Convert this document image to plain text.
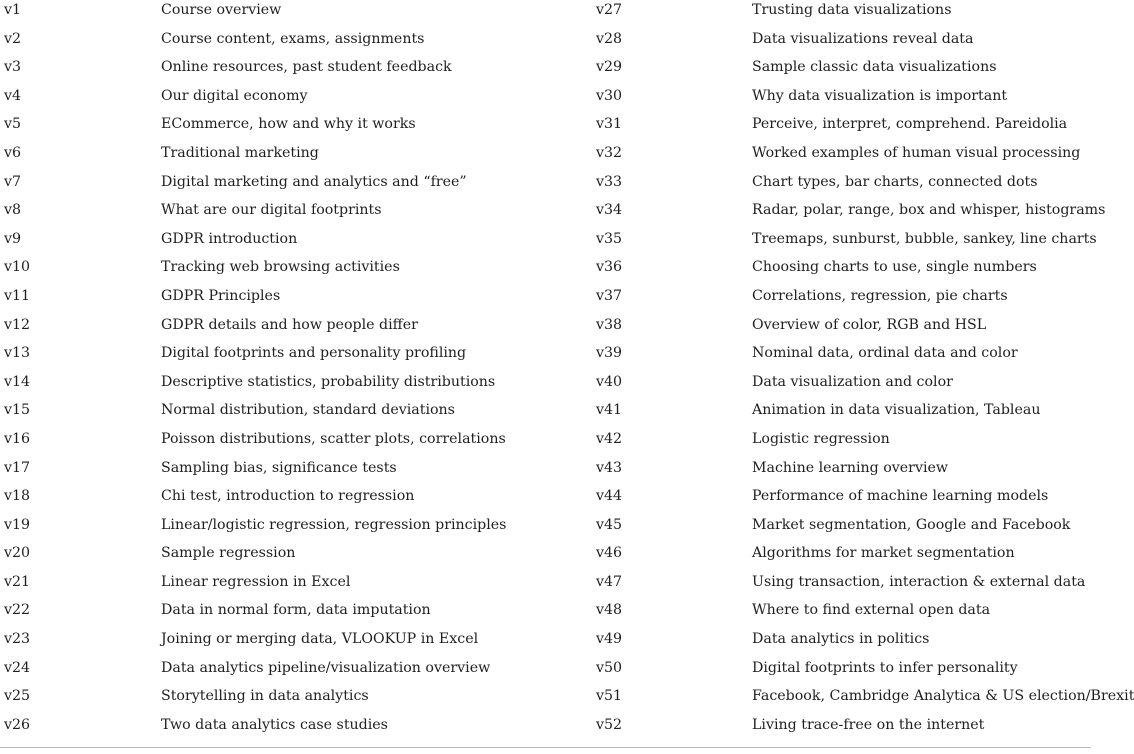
v1	Course overview	v27	Trusting data visualizations
v2	Course content, exams, assignments	v28	Data visualizations reveal data
v3	Online resources, past student feedback	v29	Sample classic data visualizations
v4	Our digital economy	v30	Why data visualization is important
v5	ECommerce, how and why it works	v31	Perceive, interpret, comprehend. Pareidolia
v6	Traditional marketing	v32	Worked examples of human visual processing
v7	Digital marketing and analytics and “free”	v33	Chart types, bar charts, connected dots
v8	What are our digital footprints	v34	Radar, polar, range, box and whisper, histograms
v9	GDPR introduction	v35	Treemaps, sunburst, bubble, sankey, line charts
v10	Tracking web browsing activities	v36	Choosing charts to use, single numbers
v11	GDPR Principles	v37	Correlations, regression, pie charts
v12	GDPR details and how people differ	v38	Overview of color, RGB and HSL
v13	Digital footprints and personality profiling	v39	Nominal data, ordinal data and color
v14	Descriptive statistics, probability distributions	v40	Data visualization and color
v15	Normal distribution, standard deviations	v41	Animation in data visualization, Tableau
v16	Poisson distributions, scatter plots, correlations	v42	Logistic regression
v17	Sampling bias, significance tests	v43	Machine learning overview
v18	Chi test, introduction to regression	v44	Performance of machine learning models
v19	Linear/logistic regression, regression principles	v45	Market segmentation, Google and Facebook
v20	Sample regression	v46	Algorithms for market segmentation
v21	Linear regression in Excel	v47	Using transaction, interaction & external data
v22	Data in normal form, data imputation	v48	Where to find external open data
v23	Joining or merging data, VLOOKUP in Excel	v49	Data analytics in politics
v24	Data analytics pipeline/visualization overview	v50	Digital footprints to infer personality
v25	Storytelling in data analytics	v51	Facebook, Cambridge Analytica & US election/Brexit
v26	Two data analytics case studies	v52	Living trace-free on the internet
